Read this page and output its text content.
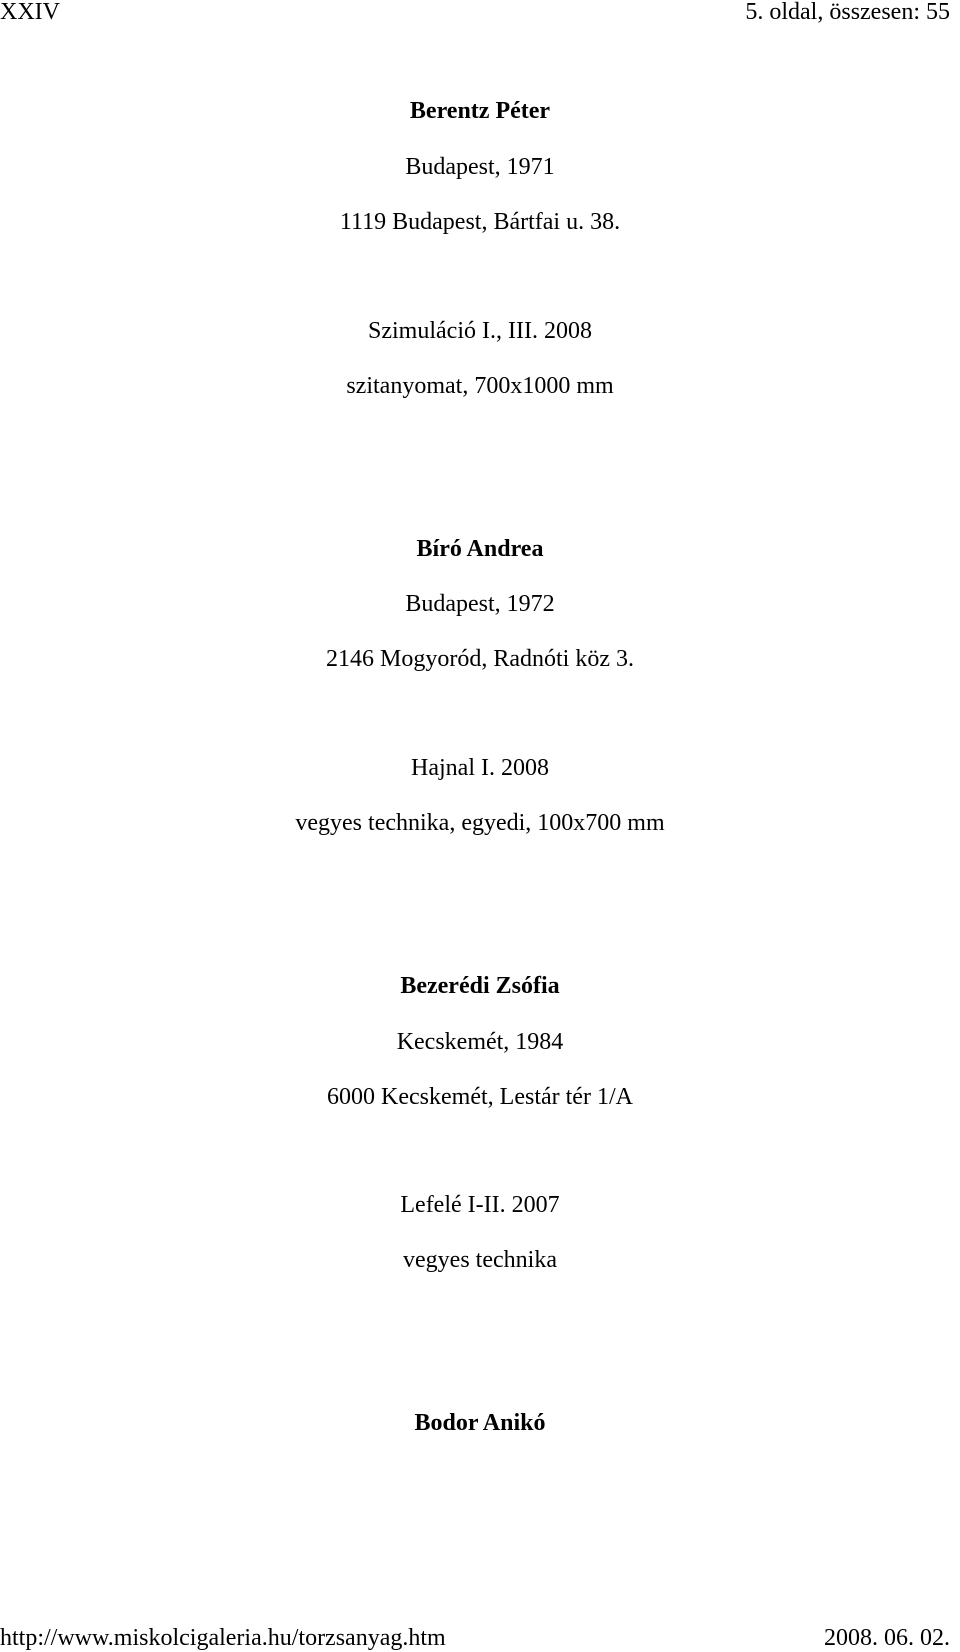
XXIV	5. oldal, összesen: 55
Berentz Péter
Budapest, 1971
1119 Budapest, Bártfai u. 38.
Szimuláció I., III. 2008
szitanyomat, 700x1000 mm
Bíró Andrea
Budapest, 1972
2146 Mogyoród, Radnóti köz 3.
Hajnal I. 2008
vegyes technika, egyedi, 100x700 mm
Bezerédi Zsófia
Kecskemét, 1984
6000 Kecskemét, Lestár tér 1/A
Lefelé I-II. 2007
vegyes technika
Bodor Anikó
http://www.miskolcigaleria.hu/torzsanyag.htm	2008. 06. 02.
